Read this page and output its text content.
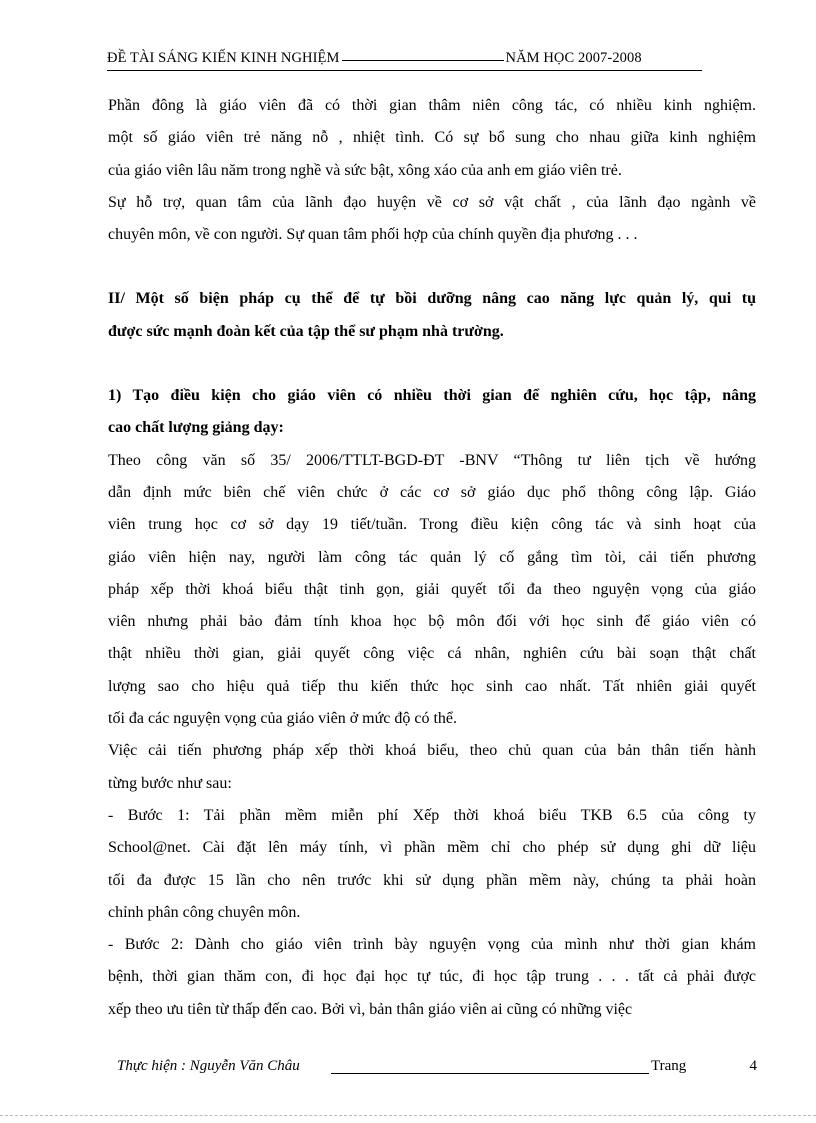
ĐỀ TÀI SÁNG KIẾN KINH NGHIỆM	NĂM HỌC 2007-2008
Phần đông là giáo viên đã có thời gian thâm niên công tác, có nhiều kinh nghiệm.
một số giáo viên trẻ năng nỗ , nhiệt tình. Có sự bổ sung cho nhau giữa kinh nghiệm
của giáo viên lâu năm trong nghề và sức bật, xông xáo của anh em giáo viên trẻ.
Sự hỗ trợ, quan tâm của lãnh đạo huyện về cơ sở vật chất , của lãnh đạo ngành về
chuyên môn, về con người. Sự quan tâm phối hợp của chính quyền địa phương . . .
II/ Một số biện pháp cụ thể để tự bồi dưỡng nâng cao năng lực quản lý, qui tụ
được sức mạnh đoàn kết của tập thể sư phạm nhà trường.
1) Tạo điều kiện cho giáo viên có nhiều thời gian để nghiên cứu, học tập, nâng
cao chất lượng giảng dạy:
Theo công văn số 35/ 2006/TTLT-BGD-ĐT -BNV “Thông tư liên tịch về hướng
dẫn định mức biên chế viên chức ở các cơ sở giáo dục phổ thông công lập. Giáo
viên trung học cơ sở dạy 19 tiết/tuần. Trong điều kiện công tác và sinh hoạt của
giáo viên hiện nay, người làm công tác quản lý cố gắng tìm tòi, cải tiến phương
pháp xếp thời khoá biểu thật tinh gọn, giải quyết tối đa theo nguyện vọng của giáo
viên nhưng phải bảo đảm tính khoa học bộ môn đối với học sinh để giáo viên có
thật nhiều thời gian, giải quyết công việc cá nhân, nghiên cứu bài soạn thật chất
lượng sao cho hiệu quả tiếp thu kiến thức học sinh cao nhất. Tất nhiên giải quyết
tối đa các nguyện vọng của giáo viên ở mức độ có thể.
Việc cải tiến phương pháp xếp thời khoá biểu, theo chủ quan của bản thân tiến hành
từng bước như sau:
- Bước 1: Tải phần mềm miễn phí Xếp thời khoá biểu TKB 6.5 của công ty
School@net. Cài đặt lên máy tính, vì phần mềm chỉ cho phép sử dụng ghi dữ liệu
tối đa được 15 lần cho nên trước khi sử dụng phần mềm này, chúng ta phải hoàn
chỉnh phân công chuyên môn.
- Bước 2: Dành cho giáo viên trình bày nguyện vọng của mình như thời gian khám
bệnh, thời gian thăm con, đi học đại học tự túc, đi học tập trung . . . tất cả phải được
xếp theo ưu tiên từ thấp đến cao. Bởi vì, bản thân giáo viên ai cũng có những việc
Thực hiện : Nguyễn Văn Châu	Trang	4
